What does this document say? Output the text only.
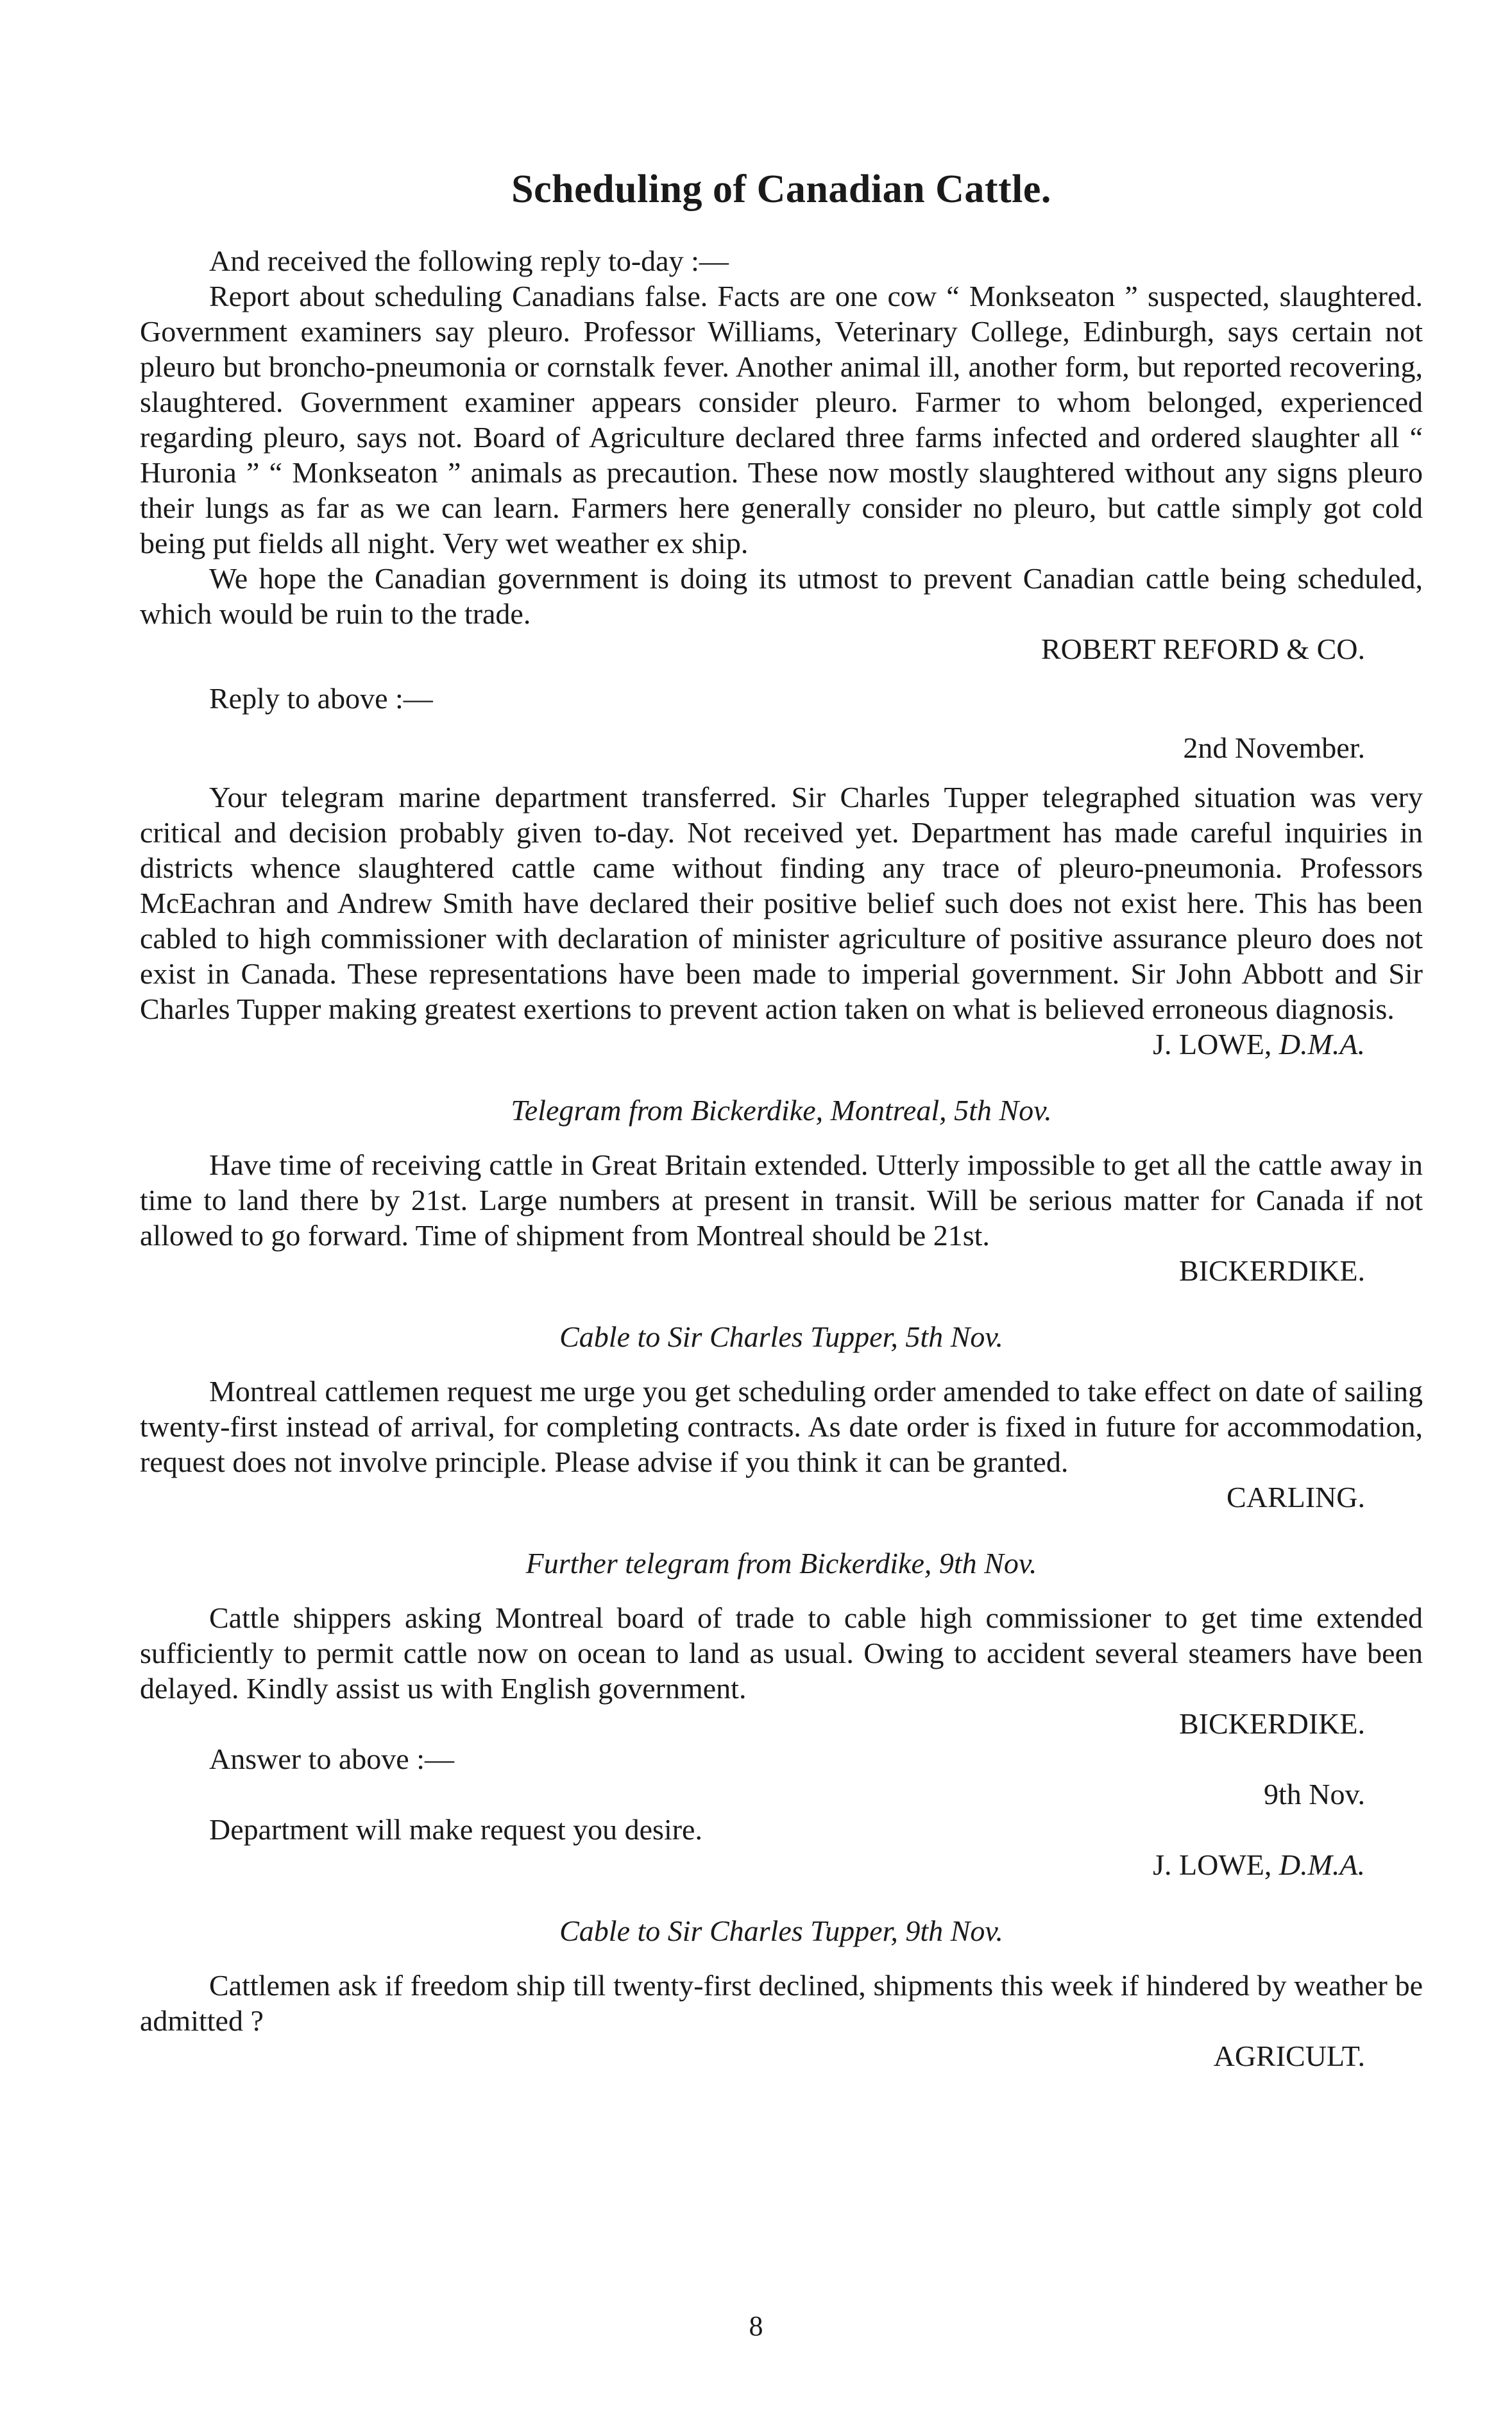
Scheduling of Canadian Cattle.

And received the following reply to-day :—

Report about scheduling Canadians false. Facts are one cow “ Monkseaton ” suspected, slaughtered. Government examiners say pleuro. Professor Williams, Veterinary College, Edinburgh, says certain not pleuro but broncho-pneumonia or cornstalk fever. Another animal ill, another form, but reported recovering, slaughtered. Government examiner appears consider pleuro. Farmer to whom belonged, experienced regarding pleuro, says not. Board of Agriculture declared three farms infected and ordered slaughter all “ Huronia ” “ Monkseaton ” animals as precaution. These now mostly slaughtered without any signs pleuro their lungs as far as we can learn. Farmers here generally consider no pleuro, but cattle simply got cold being put fields all night. Very wet weather ex ship.

We hope the Canadian government is doing its utmost to prevent Canadian cattle being scheduled, which would be ruin to the trade.

ROBERT REFORD & CO.

Reply to above :—

2nd November.

Your telegram marine department transferred. Sir Charles Tupper telegraphed situation was very critical and decision probably given to-day. Not received yet. Department has made careful inquiries in districts whence slaughtered cattle came without finding any trace of pleuro-pneumonia. Professors McEachran and Andrew Smith have declared their positive belief such does not exist here. This has been cabled to high commissioner with declaration of minister agriculture of positive assurance pleuro does not exist in Canada. These representations have been made to imperial government. Sir John Abbott and Sir Charles Tupper making greatest exertions to prevent action taken on what is believed erroneous diagnosis.

J. LOWE, D.M.A.

Telegram from Bickerdike, Montreal, 5th Nov.

Have time of receiving cattle in Great Britain extended. Utterly impossible to get all the cattle away in time to land there by 21st. Large numbers at present in transit. Will be serious matter for Canada if not allowed to go forward. Time of shipment from Montreal should be 21st.

BICKERDIKE.

Cable to Sir Charles Tupper, 5th Nov.

Montreal cattlemen request me urge you get scheduling order amended to take effect on date of sailing twenty-first instead of arrival, for completing contracts. As date order is fixed in future for accommodation, request does not involve principle. Please advise if you think it can be granted.

CARLING.

Further telegram from Bickerdike, 9th Nov.

Cattle shippers asking Montreal board of trade to cable high commissioner to get time extended sufficiently to permit cattle now on ocean to land as usual. Owing to accident several steamers have been delayed. Kindly assist us with English government.

BICKERDIKE.

Answer to above :—

9th Nov.

Department will make request you desire.

J. LOWE, D.M.A.

Cable to Sir Charles Tupper, 9th Nov.

Cattlemen ask if freedom ship till twenty-first declined, shipments this week if hindered by weather be admitted ?

AGRICULT.

8
